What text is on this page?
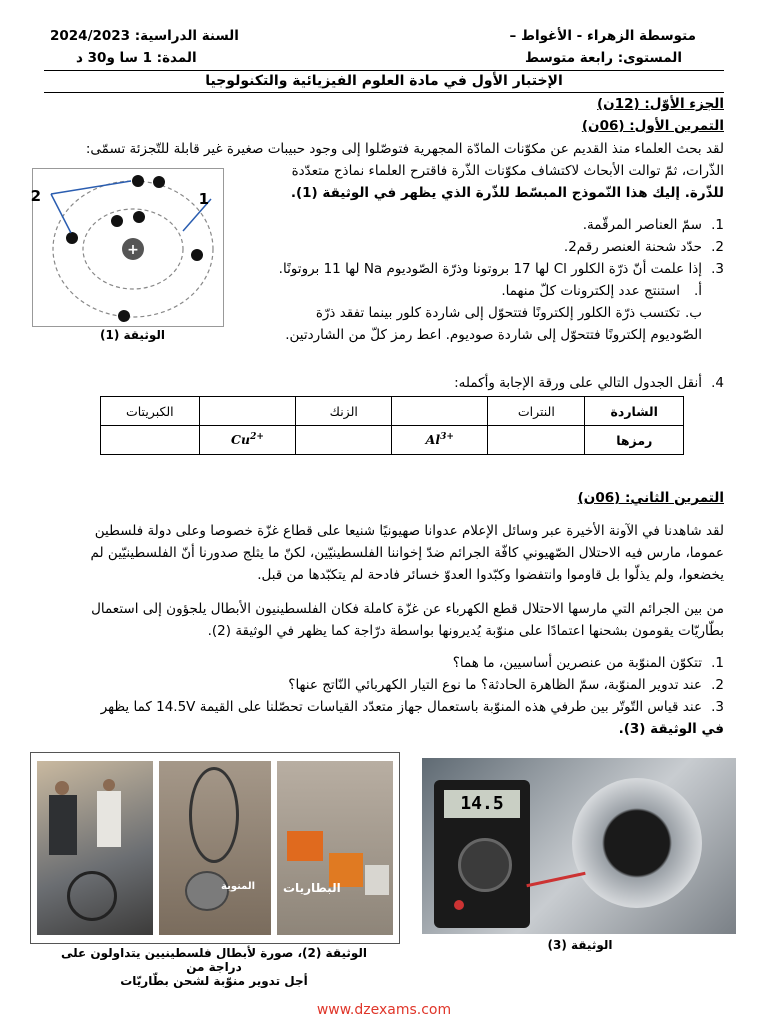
متوسطة الزهراء - الأغواط –
المستوى: رابعة متوسط
السنة الدراسية: 2024/2023
المدة: 1 سا و30 د
الإختبار الأول في مادة العلوم الفيزيائية والتكنولوجيا
الجزء الأوّل: (12ن)
التمرين الأول: (06ن)

لقد بحث العلماء منذ القديم عن مكوّنات المادّة المجهرية فتوصّلوا إلى وجود حبيبات صغيرة غير قابلة للتّجزئة تسمّى:

الذّرات، ثمّ توالت الأبحاث لاكتشاف مكوّنات الذّرة فاقترح العلماء نماذج متعدّدة

للذّرة. إليك هذا النّموذج المبسّط للذّرة الذي يظهر في الوثيقة (1).

+
2	1
الوثيقة (1)
1.
سمّ العناصر المرقّمة.
2.
حدّد شحنة العنصر رقم2.
3.
إذا علمت أنّ ذرّة الكلور Cl لها 17 بروتونا وذرّة الصّوديوم Na لها 11 بروتونًا.
أ.
استنتج عدد إلكترونات كلّ منهما.
ب.
تكتسب ذرّة الكلور إلكترونًا فتتحوّل إلى شاردة كلور بينما تفقد ذرّة
الصّوديوم إلكترونًا فتتحوّل إلى شاردة صوديوم. اعط رمز كلّ من الشاردتين.
4.
أنقل الجدول التالي على ورقة الإجابة وأكمله:
الشاردة	النترات		الزنك		الكبريتات
رمزها		$Al^{3+}$		$Cu^{2+}$	
التمرين الثاني: (06ن)

لقد شاهدنا في الآونة الأخيرة عبر وسائل الإعلام عدوانا صهيونيًا شنيعا على قطاع غزّة خصوصا وعلى دولة فلسطين

عموما، مارس فيه الاحتلال الصّهيوني كافّة الجرائم ضدّ إخواننا الفلسطينيّين، لكنّ ما يثلج صدورنا أنّ الفلسطينيّين لم

يخضعوا، ولم يذلّوا بل قاوموا وانتفضوا وكبّدوا العدوّ خسائر فادحة لم يتكبّدها من قبل.

من بين الجرائم التي مارسها الاحتلال قطع الكهرباء عن غزّة كاملة فكان الفلسطينيون الأبطال يلجؤون إلى استعمال

بطّاريّات يقومون بشحنها اعتمادًا على منوّبة يُديرونها بواسطة درّاجة كما يظهر في الوثيقة (2).

1.
تتكوّن المنوّبة من عنصرين أساسيين، ما هما؟
2.
عند تدوير المنوّبة، سمّ الظاهرة الحادثة؟ ما نوع التيار الكهربائي النّاتج عنها؟
3.
عند قياس التّوتّر بين طرفي هذه المنوّبة باستعمال جهاز متعدّد القياسات تحصّلنا على القيمة 14.5V كما يظهر
في الوثيقة (3).
المنوبة البطاريات
الوثيقة (2)، صورة لأبطال فلسطينيين يتداولون على دراجة من
أجل تدوير منوّبة لشحن بطّاريّات
14.5
الوثيقة (3)
www.dzexams.com
